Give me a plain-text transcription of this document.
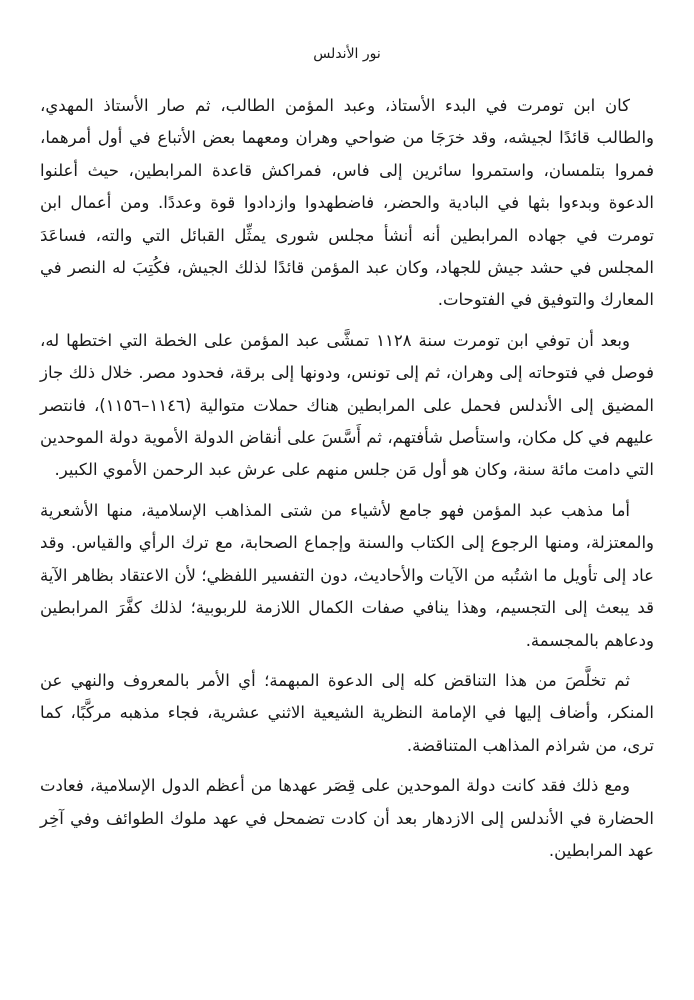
نور الأندلس

كان ابن تومرت في البدء الأستاذ، وعبد المؤمن الطالب، ثم صار الأستاذ المهدي، والطالب قائدًا لجيشه، وقد خرَجَا من ضواحي وهران ومعهما بعض الأتباع في أول أمرهما، فمروا بتلمسان، واستمروا سائرين إلى فاس، فمراكش قاعدة المرابطين، حيث أعلنوا الدعوة وبدءوا بثها في البادية والحضر، فاضطهدوا وازدادوا قوة وعددًا. ومن أعمال ابن تومرت في جهاده المرابطين أنه أنشأ مجلس شورى يمثِّل القبائل التي والته، فساعَدَ المجلس في حشد جيش للجهاد، وكان عبد المؤمن قائدًا لذلك الجيش، فكُتِبَ له النصر في المعارك والتوفيق في الفتوحات.

وبعد أن توفي ابن تومرت سنة ١١٢٨ تمشَّى عبد المؤمن على الخطة التي اختطها له، فوصل في فتوحاته إلى وهران، ثم إلى تونس، ودونها إلى برقة، فحدود مصر. خلال ذلك جاز المضيق إلى الأندلس فحمل على المرابطين هناك حملات متوالية (١١٤٦–١١٥٦)، فانتصر عليهم في كل مكان، واستأصل شأفتهم، ثم أَسَّسَ على أنقاض الدولة الأموية دولة الموحدين التي دامت مائة سنة، وكان هو أول مَن جلس منهم على عرش عبد الرحمن الأموي الكبير.

أما مذهب عبد المؤمن فهو جامع لأشياء من شتى المذاهب الإسلامية، منها الأشعرية والمعتزلة، ومنها الرجوع إلى الكتاب والسنة وإجماع الصحابة، مع ترك الرأي والقياس. وقد عاد إلى تأويل ما اشتُبه من الآيات والأحاديث، دون التفسير اللفظي؛ لأن الاعتقاد بظاهر الآية قد يبعث إلى التجسيم، وهذا ينافي صفات الكمال اللازمة للربوبية؛ لذلك كفَّرَ المرابطين ودعاهم بالمجسمة.

ثم تخلَّصَ من هذا التناقض كله إلى الدعوة المبهمة؛ أي الأمر بالمعروف والنهي عن المنكر، وأضاف إليها في الإمامة النظرية الشيعية الاثني عشرية، فجاء مذهبه مركَّبًا، كما ترى، من شراذم المذاهب المتناقضة.

ومع ذلك فقد كانت دولة الموحدين على قِصَر عهدها من أعظم الدول الإسلامية، فعادت الحضارة في الأندلس إلى الازدهار بعد أن كادت تضمحل في عهد ملوك الطوائف وفي آخِر عهد المرابطين.
